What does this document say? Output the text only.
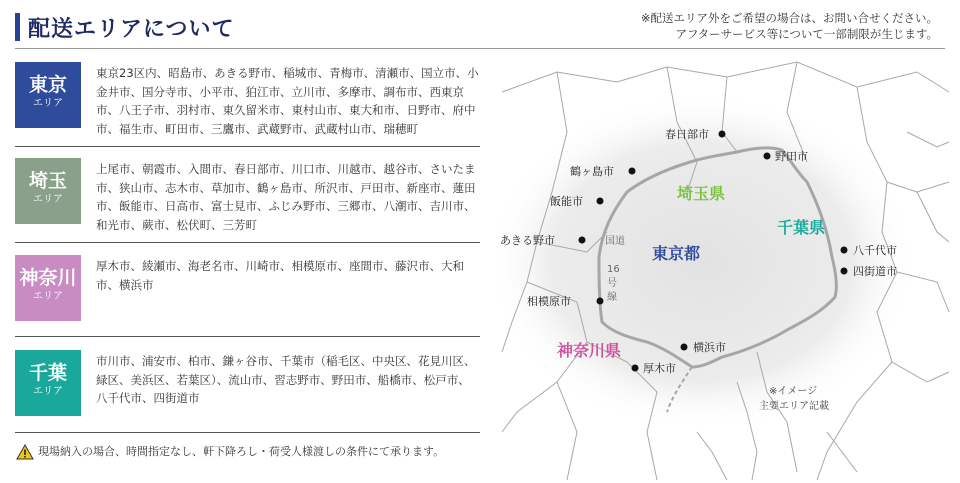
配送エリアについて	※配送エリア外をご希望の場合は、お問い合せください。
アフターサービス等について一部制限が生じます。
東京
エリア
東京23区内、昭島市、あきる野市、稲城市、青梅市、清瀬市、国立市、小金井市、国分寺市、小平市、狛江市、立川市、多摩市、調布市、西東京市、八王子市、羽村市、東久留米市、東村山市、東大和市、日野市、府中市、福生市、町田市、三鷹市、武蔵野市、武蔵村山市、瑞穂町
埼玉
エリア
上尾市、朝霞市、入間市、春日部市、川口市、川越市、越谷市、さいたま市、狭山市、志木市、草加市、鶴ヶ島市、所沢市、戸田市、新座市、蓮田市、飯能市、日高市、富士見市、ふじみ野市、三郷市、八潮市、吉川市、和光市、蕨市、松伏町、三芳町
神奈川
エリア
厚木市、綾瀬市、海老名市、川崎市、相模原市、座間市、藤沢市、大和市、横浜市
千葉
エリア
市川市、浦安市、柏市、鎌ヶ谷市、千葉市（稲毛区、中央区、花見川区、緑区、美浜区、若葉区）、流山市、習志野市、野田市、船橋市、松戸市、八千代市、四街道市
現場納入の場合、時間指定なし、軒下降ろし・荷受人様渡しの条件にて承ります。
埼玉県
東京都
千葉県
神奈川県
国道
16
号
線
春日部市
野田市
鶴ヶ島市
飯能市
あきる野市
八千代市
四街道市
相模原市
横浜市
厚木市
※イメージ
主要エリア記載
